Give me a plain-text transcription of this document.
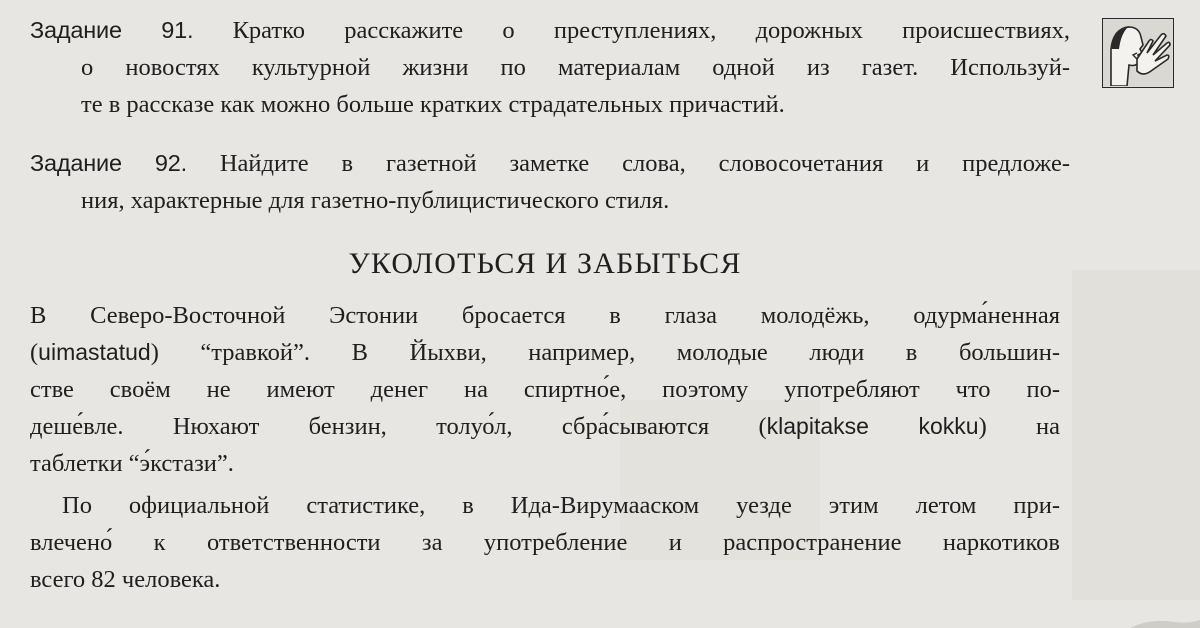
Задание 91. Кратко расскажите о преступлениях, дорожных происшествиях,
о новостях культурной жизни по материалам одной из газет. Используй-
те в рассказе как можно больше кратких страдательных причастий.
Задание 92. Найдите в газетной заметке слова, словосочетания и предложе-
ния, характерные для газетно-публицистического стиля.
УКОЛОТЬСЯ И ЗАБЫТЬСЯ
В Северо-Восточной Эстонии бросается в глаза молодёжь, одурма́ненная
(uimastatud) “травкой”. В Йыхви, например, молодые люди в большин-
стве своём не имеют денег на спиртно́е, поэтому употребляют что по-
деше́вле. Нюхают бензин, толуо́л, сбра́сываются (klapitakse kokku) на
таблетки “э́кстази”.
По официальной статистике, в Ида-Вирумааском уезде этим летом при-
влечено́ к ответственности за употребление и распространение наркотиков
всего 82 человека.
